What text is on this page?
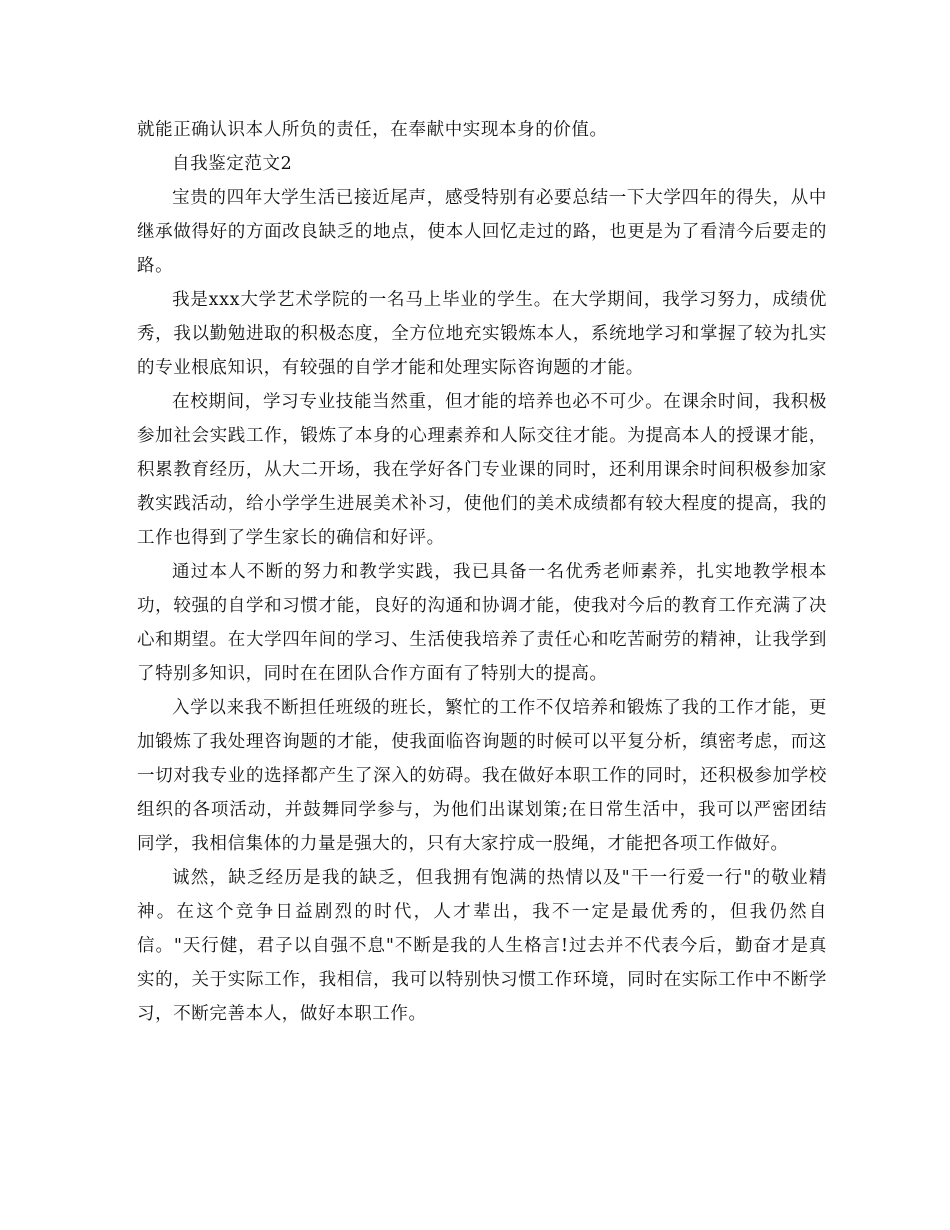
就能正确认识本人所负的责任，在奉献中实现本身的价值。

自我鉴定范文2

宝贵的四年大学生活已接近尾声，感受特别有必要总结一下大学四年的得失，从中继承做得好的方面改良缺乏的地点，使本人回忆走过的路，也更是为了看清今后要走的路。

我是xxx大学艺术学院的一名马上毕业的学生。在大学期间，我学习努力，成绩优秀，我以勤勉进取的积极态度，全方位地充实锻炼本人，系统地学习和掌握了较为扎实的专业根底知识，有较强的自学才能和处理实际咨询题的才能。

在校期间，学习专业技能当然重，但才能的培养也必不可少。在课余时间，我积极参加社会实践工作，锻炼了本身的心理素养和人际交往才能。为提高本人的授课才能，积累教育经历，从大二开场，我在学好各门专业课的同时，还利用课余时间积极参加家教实践活动，给小学学生进展美术补习，使他们的美术成绩都有较大程度的提高，我的工作也得到了学生家长的确信和好评。

通过本人不断的努力和教学实践，我已具备一名优秀老师素养，扎实地教学根本功，较强的自学和习惯才能，良好的沟通和协调才能，使我对今后的教育工作充满了决心和期望。在大学四年间的学习、生活使我培养了责任心和吃苦耐劳的精神，让我学到了特别多知识，同时在在团队合作方面有了特别大的提高。

入学以来我不断担任班级的班长，繁忙的工作不仅培养和锻炼了我的工作才能，更加锻炼了我处理咨询题的才能，使我面临咨询题的时候可以平复分析，缜密考虑，而这一切对我专业的选择都产生了深入的妨碍。我在做好本职工作的同时，还积极参加学校组织的各项活动，并鼓舞同学参与，为他们出谋划策;在日常生活中，我可以严密团结同学，我相信集体的力量是强大的，只有大家拧成一股绳，才能把各项工作做好。

诚然，缺乏经历是我的缺乏，但我拥有饱满的热情以及"干一行爱一行"的敬业精神。在这个竞争日益剧烈的时代，人才辈出，我不一定是最优秀的，但我仍然自信。"天行健，君子以自强不息"不断是我的人生格言!过去并不代表今后，勤奋才是真实的，关于实际工作，我相信，我可以特别快习惯工作环境，同时在实际工作中不断学习，不断完善本人，做好本职工作。
